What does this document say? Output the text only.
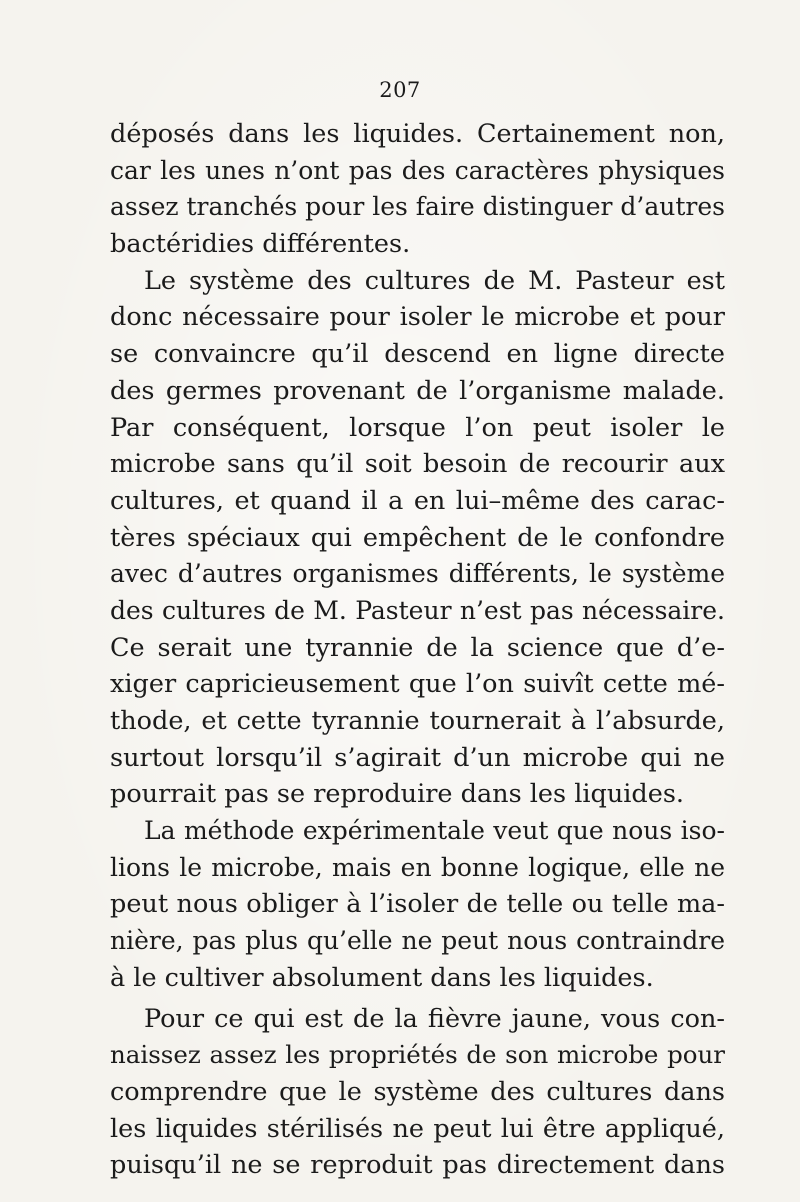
207
déposés dans les liquides. Certainement non,
car les unes n’ont pas des caractères physiques
assez tranchés pour les faire distinguer d’autres
bactéridies différentes.
Le système des cultures de M. Pasteur est
donc nécessaire pour isoler le microbe et pour
se convaincre qu’il descend en ligne directe
des germes provenant de l’organisme malade.
Par conséquent, lorsque l’on peut isoler le
microbe sans qu’il soit besoin de recourir aux
cultures, et quand il a en lui–même des carac-
tères spéciaux qui empêchent de le confondre
avec d’autres organismes différents, le système
des cultures de M. Pasteur n’est pas nécessaire.
Ce serait une tyrannie de la science que d’e-
xiger capricieusement que l’on suivît cette mé-
thode, et cette tyrannie tournerait à l’absurde,
surtout lorsqu’il s’agirait d’un microbe qui ne
pourrait pas se reproduire dans les liquides.
La méthode expérimentale veut que nous iso-
lions le microbe, mais en bonne logique, elle ne
peut nous obliger à l’isoler de telle ou telle ma-
nière, pas plus qu’elle ne peut nous contraindre
à le cultiver absolument dans les liquides.
Pour ce qui est de la fièvre jaune, vous con-
naissez assez les propriétés de son microbe pour
comprendre que le système des cultures dans
les liquides stérilisés ne peut lui être appliqué,
puisqu’il ne se reproduit pas directement dans
